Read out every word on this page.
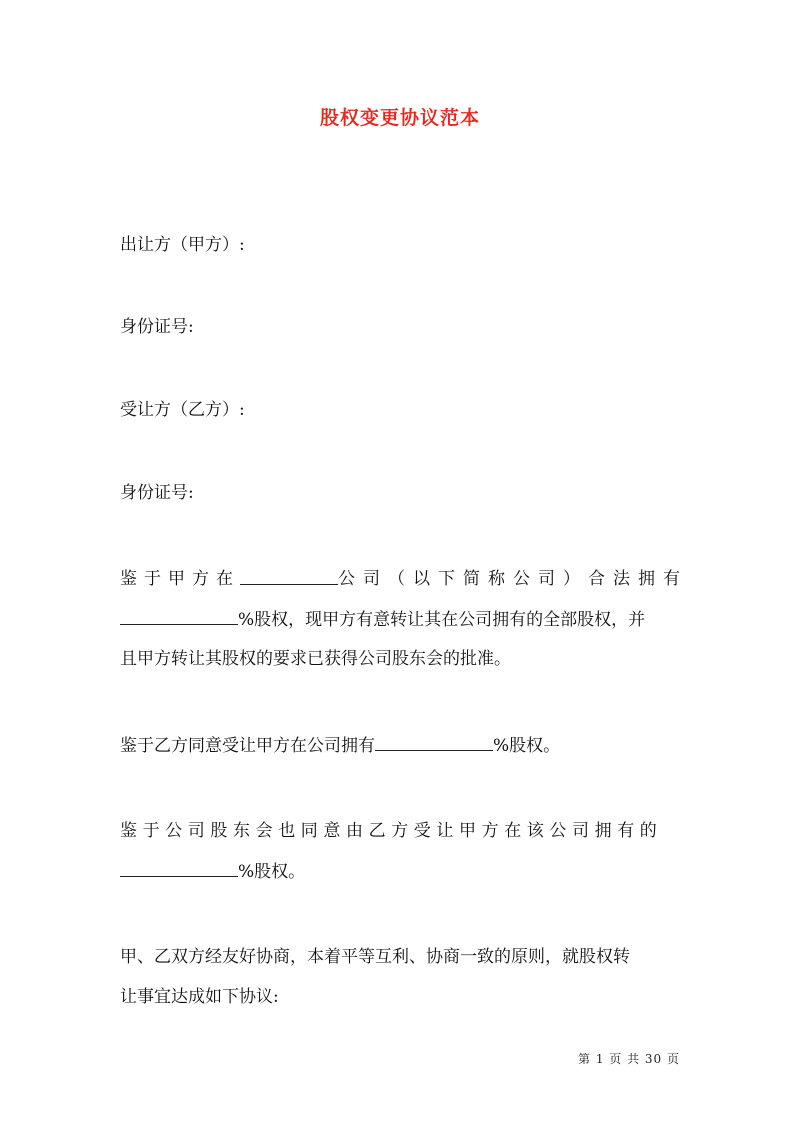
股权变更协议范本
出让方（甲方）:
身份证号:
受让方（乙方）:
身份证号:
鉴于甲方在	公司（以下简称公司）合法拥有
%股权，现甲方有意转让其在公司拥有的全部股权，并
且甲方转让其股权的要求已获得公司股东会的批准。
鉴于乙方同意受让甲方在公司拥有	%股权。
鉴于公司股东会也同意由乙方受让甲方在该公司拥有的
%股权。
甲、乙双方经友好协商，本着平等互利、协商一致的原则，就股权转
让事宜达成如下协议:
第 1 页 共 30 页
